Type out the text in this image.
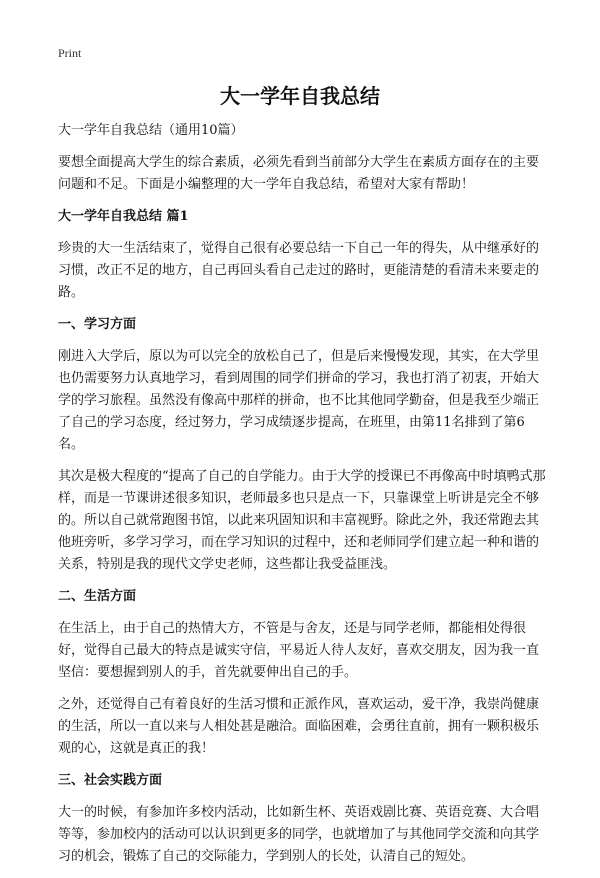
Print
大一学年自我总结

大一学年自我总结（通用10篇）

要想全面提高大学生的综合素质，必须先看到当前部分大学生在素质方面存在的主要问题和不足。下面是小编整理的大一学年自我总结，希望对大家有帮助！

大一学年自我总结 篇1

珍贵的大一生活结束了，觉得自己很有必要总结一下自己一年的得失，从中继承好的习惯，改正不足的地方，自己再回头看自己走过的路时，更能清楚的看清未来要走的路。

一、学习方面

刚进入大学后，原以为可以完全的放松自己了，但是后来慢慢发现，其实，在大学里也仍需要努力认真地学习，看到周围的同学们拼命的学习，我也打消了初衷，开始大学的学习旅程。虽然没有像高中那样的拼命，也不比其他同学勤奋，但是我至少端正了自己的学习态度，经过努力，学习成绩逐步提高，在班里，由第11名排到了第6名。

其次是极大程度的“提高了自己的自学能力。由于大学的授课已不再像高中时填鸭式那样，而是一节课讲述很多知识，老师最多也只是点一下，只靠课堂上听讲是完全不够的。所以自己就常跑图书馆，以此来巩固知识和丰富视野。除此之外，我还常跑去其他班旁听，多学习学习，而在学习知识的过程中，还和老师同学们建立起一种和谐的关系，特别是我的现代文学史老师，这些都让我受益匪浅。

二、生活方面

在生活上，由于自己的热情大方，不管是与舍友，还是与同学老师，都能相处得很好，觉得自己最大的特点是诚实守信，平易近人待人友好，喜欢交朋友，因为我一直坚信：要想握到别人的手，首先就要伸出自己的手。

之外，还觉得自己有着良好的生活习惯和正派作风，喜欢运动，爱干净，我崇尚健康的生活，所以一直以来与人相处甚是融洽。面临困难，会勇往直前，拥有一颗积极乐观的心，这就是真正的我！

三、社会实践方面

大一的时候，有参加许多校内活动，比如新生杯、英语戏剧比赛、英语竞赛、大合唱等等，参加校内的活动可以认识到更多的同学，也就增加了与其他同学交流和向其学习的机会，锻炼了自己的交际能力，学到别人的长处，认清自己的短处。
